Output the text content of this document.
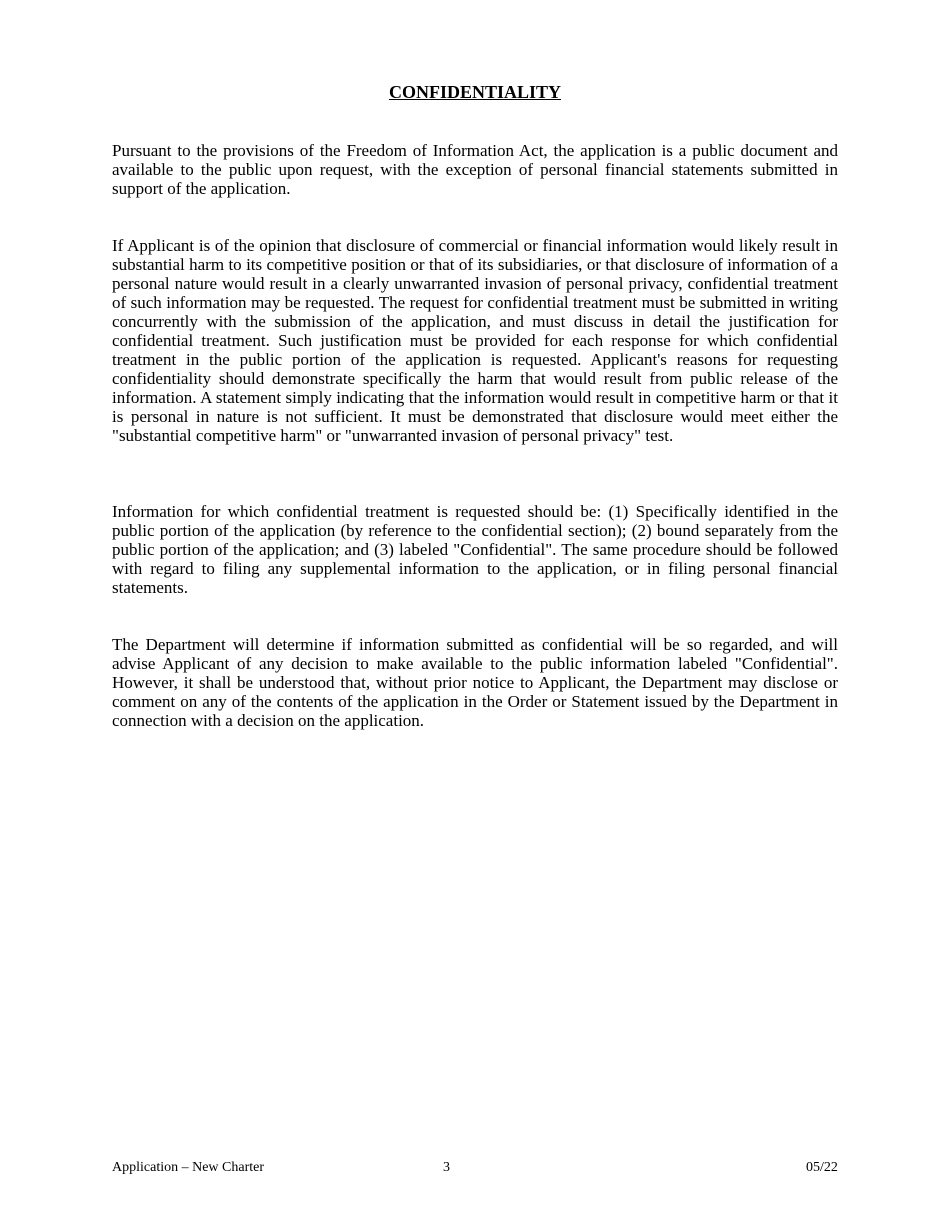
CONFIDENTIALITY

Pursuant to the provisions of the Freedom of Information Act, the application is a public document and available to the public upon request, with the exception of personal financial statements submitted in support of the application.

If Applicant is of the opinion that disclosure of commercial or financial information would likely result in substantial harm to its competitive position or that of its subsidiaries, or that disclosure of information of a personal nature would result in a clearly unwarranted invasion of personal privacy, confidential treatment of such information may be requested. The request for confidential treatment must be submitted in writing concurrently with the submission of the application, and must discuss in detail the justification for confidential treatment. Such justification must be provided for each response for which confidential treatment in the public portion of the application is requested. Applicant's reasons for requesting confidentiality should demonstrate specifically the harm that would result from public release of the information. A statement simply indicating that the information would result in competitive harm or that it is personal in nature is not sufficient. It must be demonstrated that disclosure would meet either the "substantial competitive harm" or "unwarranted invasion of personal privacy" test.

Information for which confidential treatment is requested should be: (1) Specifically identified in the public portion of the application (by reference to the confidential section); (2) bound separately from the public portion of the application; and (3) labeled "Confidential". The same procedure should be followed with regard to filing any supplemental information to the application, or in filing personal financial statements.

The Department will determine if information submitted as confidential will be so regarded, and will advise Applicant of any decision to make available to the public information labeled "Confidential". However, it shall be understood that, without prior notice to Applicant, the Department may disclose or comment on any of the contents of the application in the Order or Statement issued by the Department in connection with a decision on the application.

Application – New Charter	3	05/22
